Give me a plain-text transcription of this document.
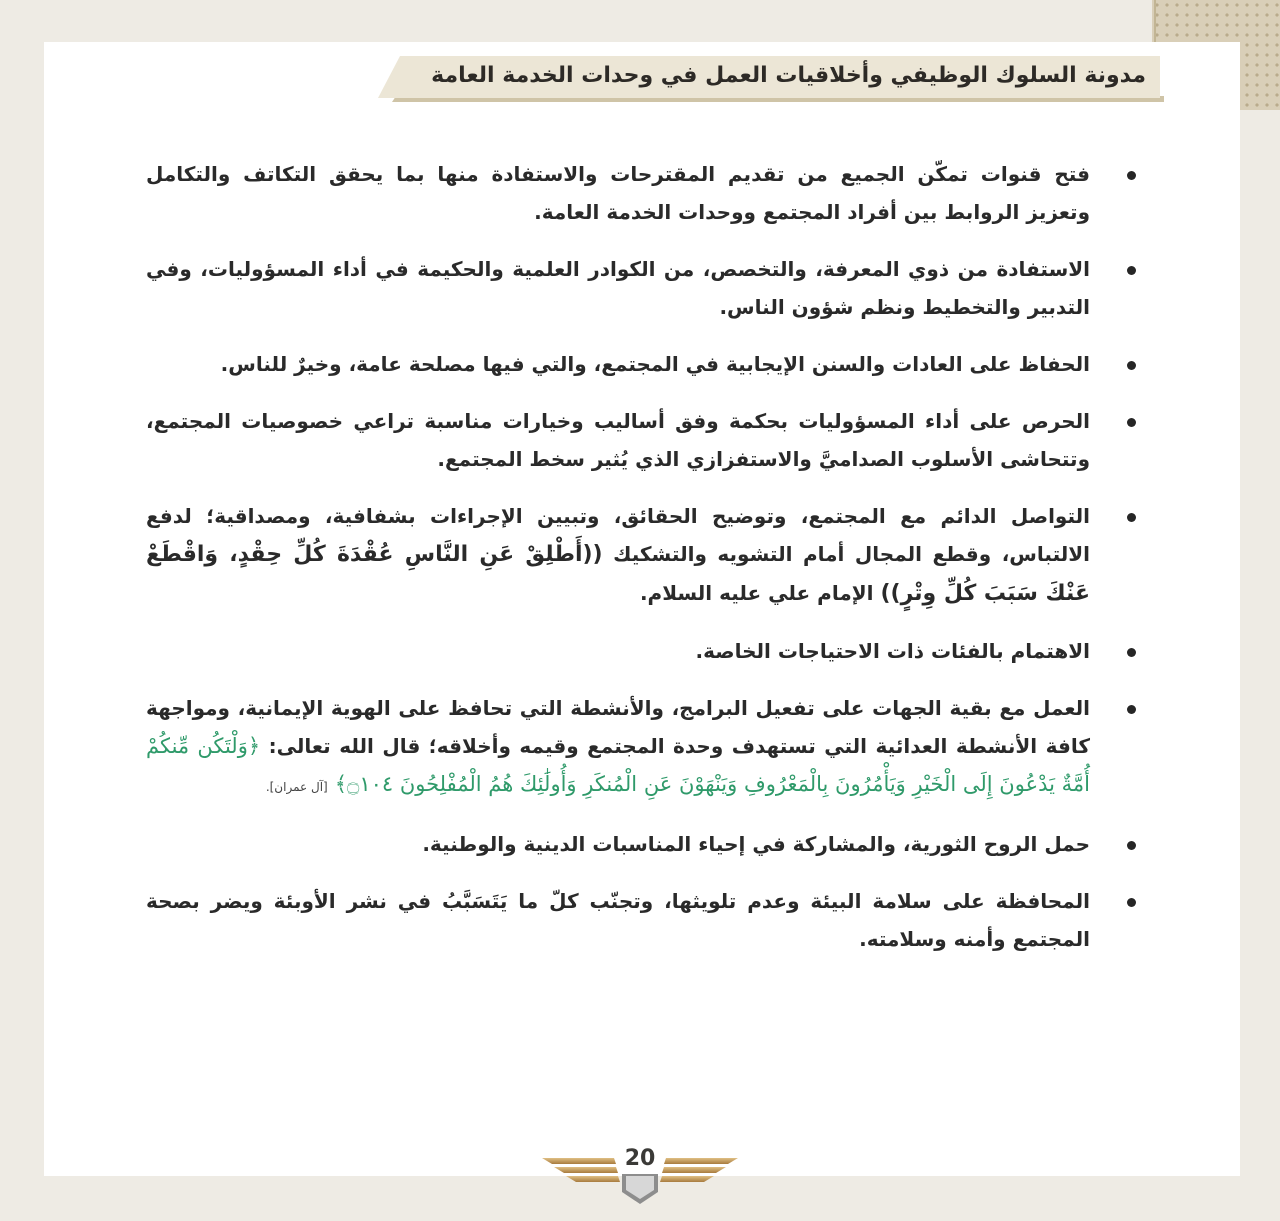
مدونة السلوك الوظيفي وأخلاقيات العمل في وحدات الخدمة العامة
فتح قنوات تمكّن الجميع من تقديم المقترحات والاستفادة منها بما يحقق التكاتف والتكامل وتعزيز الروابط بين أفراد المجتمع ووحدات الخدمة العامة.
الاستفادة من ذوي المعرفة، والتخصص، من الكوادر العلمية والحكيمة في أداء المسؤوليات، وفي التدبير والتخطيط ونظم شؤون الناس.
الحفاظ على العادات والسنن الإيجابية في المجتمع، والتي فيها مصلحة عامة، وخيرٌ للناس.
الحرص على أداء المسؤوليات بحكمة وفق أساليب وخيارات مناسبة تراعي خصوصيات المجتمع، وتتحاشى الأسلوب الصداميَّ والاستفزازي الذي يُثير سخط المجتمع.
التواصل الدائم مع المجتمع، وتوضيح الحقائق، وتبيين الإجراءات بشفافية، ومصداقية؛ لدفع الالتباس، وقطع المجال أمام التشويه والتشكيك ((أَطْلِقْ عَنِ النَّاسِ عُقْدَةَ كُلِّ حِقْدٍ، وَاقْطَعْ عَنْكَ سَبَبَ كُلِّ وِتْرٍ)) الإمام علي عليه السلام.
الاهتمام بالفئات ذات الاحتياجات الخاصة.
العمل مع بقية الجهات على تفعيل البرامج، والأنشطة التي تحافظ على الهوية الإيمانية، ومواجهة كافة الأنشطة العدائية التي تستهدف وحدة المجتمع وقيمه وأخلاقه؛ قال الله تعالى: ﴿وَلْتَكُن مِّنكُمْ أُمَّةٌ يَدْعُونَ إِلَى الْخَيْرِ وَيَأْمُرُونَ بِالْمَعْرُوفِ وَيَنْهَوْنَ عَنِ الْمُنكَرِ وَأُولَٰئِكَ هُمُ الْمُفْلِحُونَ ۝١٠٤﴾ [آل عمران].
حمل الروح الثورية، والمشاركة في إحياء المناسبات الدينية والوطنية.
المحافظة على سلامة البيئة وعدم تلويثها، وتجنّب كلّ ما يَتَسَبَّبُ في نشر الأوبئة ويضر بصحة المجتمع وأمنه وسلامته.
20
